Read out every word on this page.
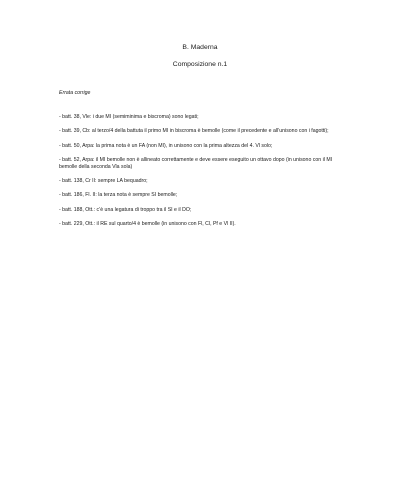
B. Maderna
Composizione n.1
Errata corrige
- batt. 38, Vle: i due MI (semiminima e biscroma) sono legati;
- batt. 39, Cb: al terzo/4 della battuta il primo MI in biscroma è bemolle (come il precedente e all’unisono con i fagotti);
- batt. 50, Arpa: la prima nota è un FA (non MI), in unisono con la prima altezza del 4. Vl solo;
- batt. 52, Arpa: il MI bemolle non è allineato correttamente e deve essere eseguito un ottavo dopo (in unisono con il MI bemolle della seconda Vla sola)
- batt. 138, Cr II: sempre LA bequadro;
- batt. 186, Fl. II: la terza nota è sempre SI bemolle;
- batt. 188, Ott.: c’è una legatura di troppo tra il SI e il DO;
- batt. 229, Ott.: il RE sul quarto/4 è bemolle (in unisono con Fl, Cl, Pf e Vl II).
